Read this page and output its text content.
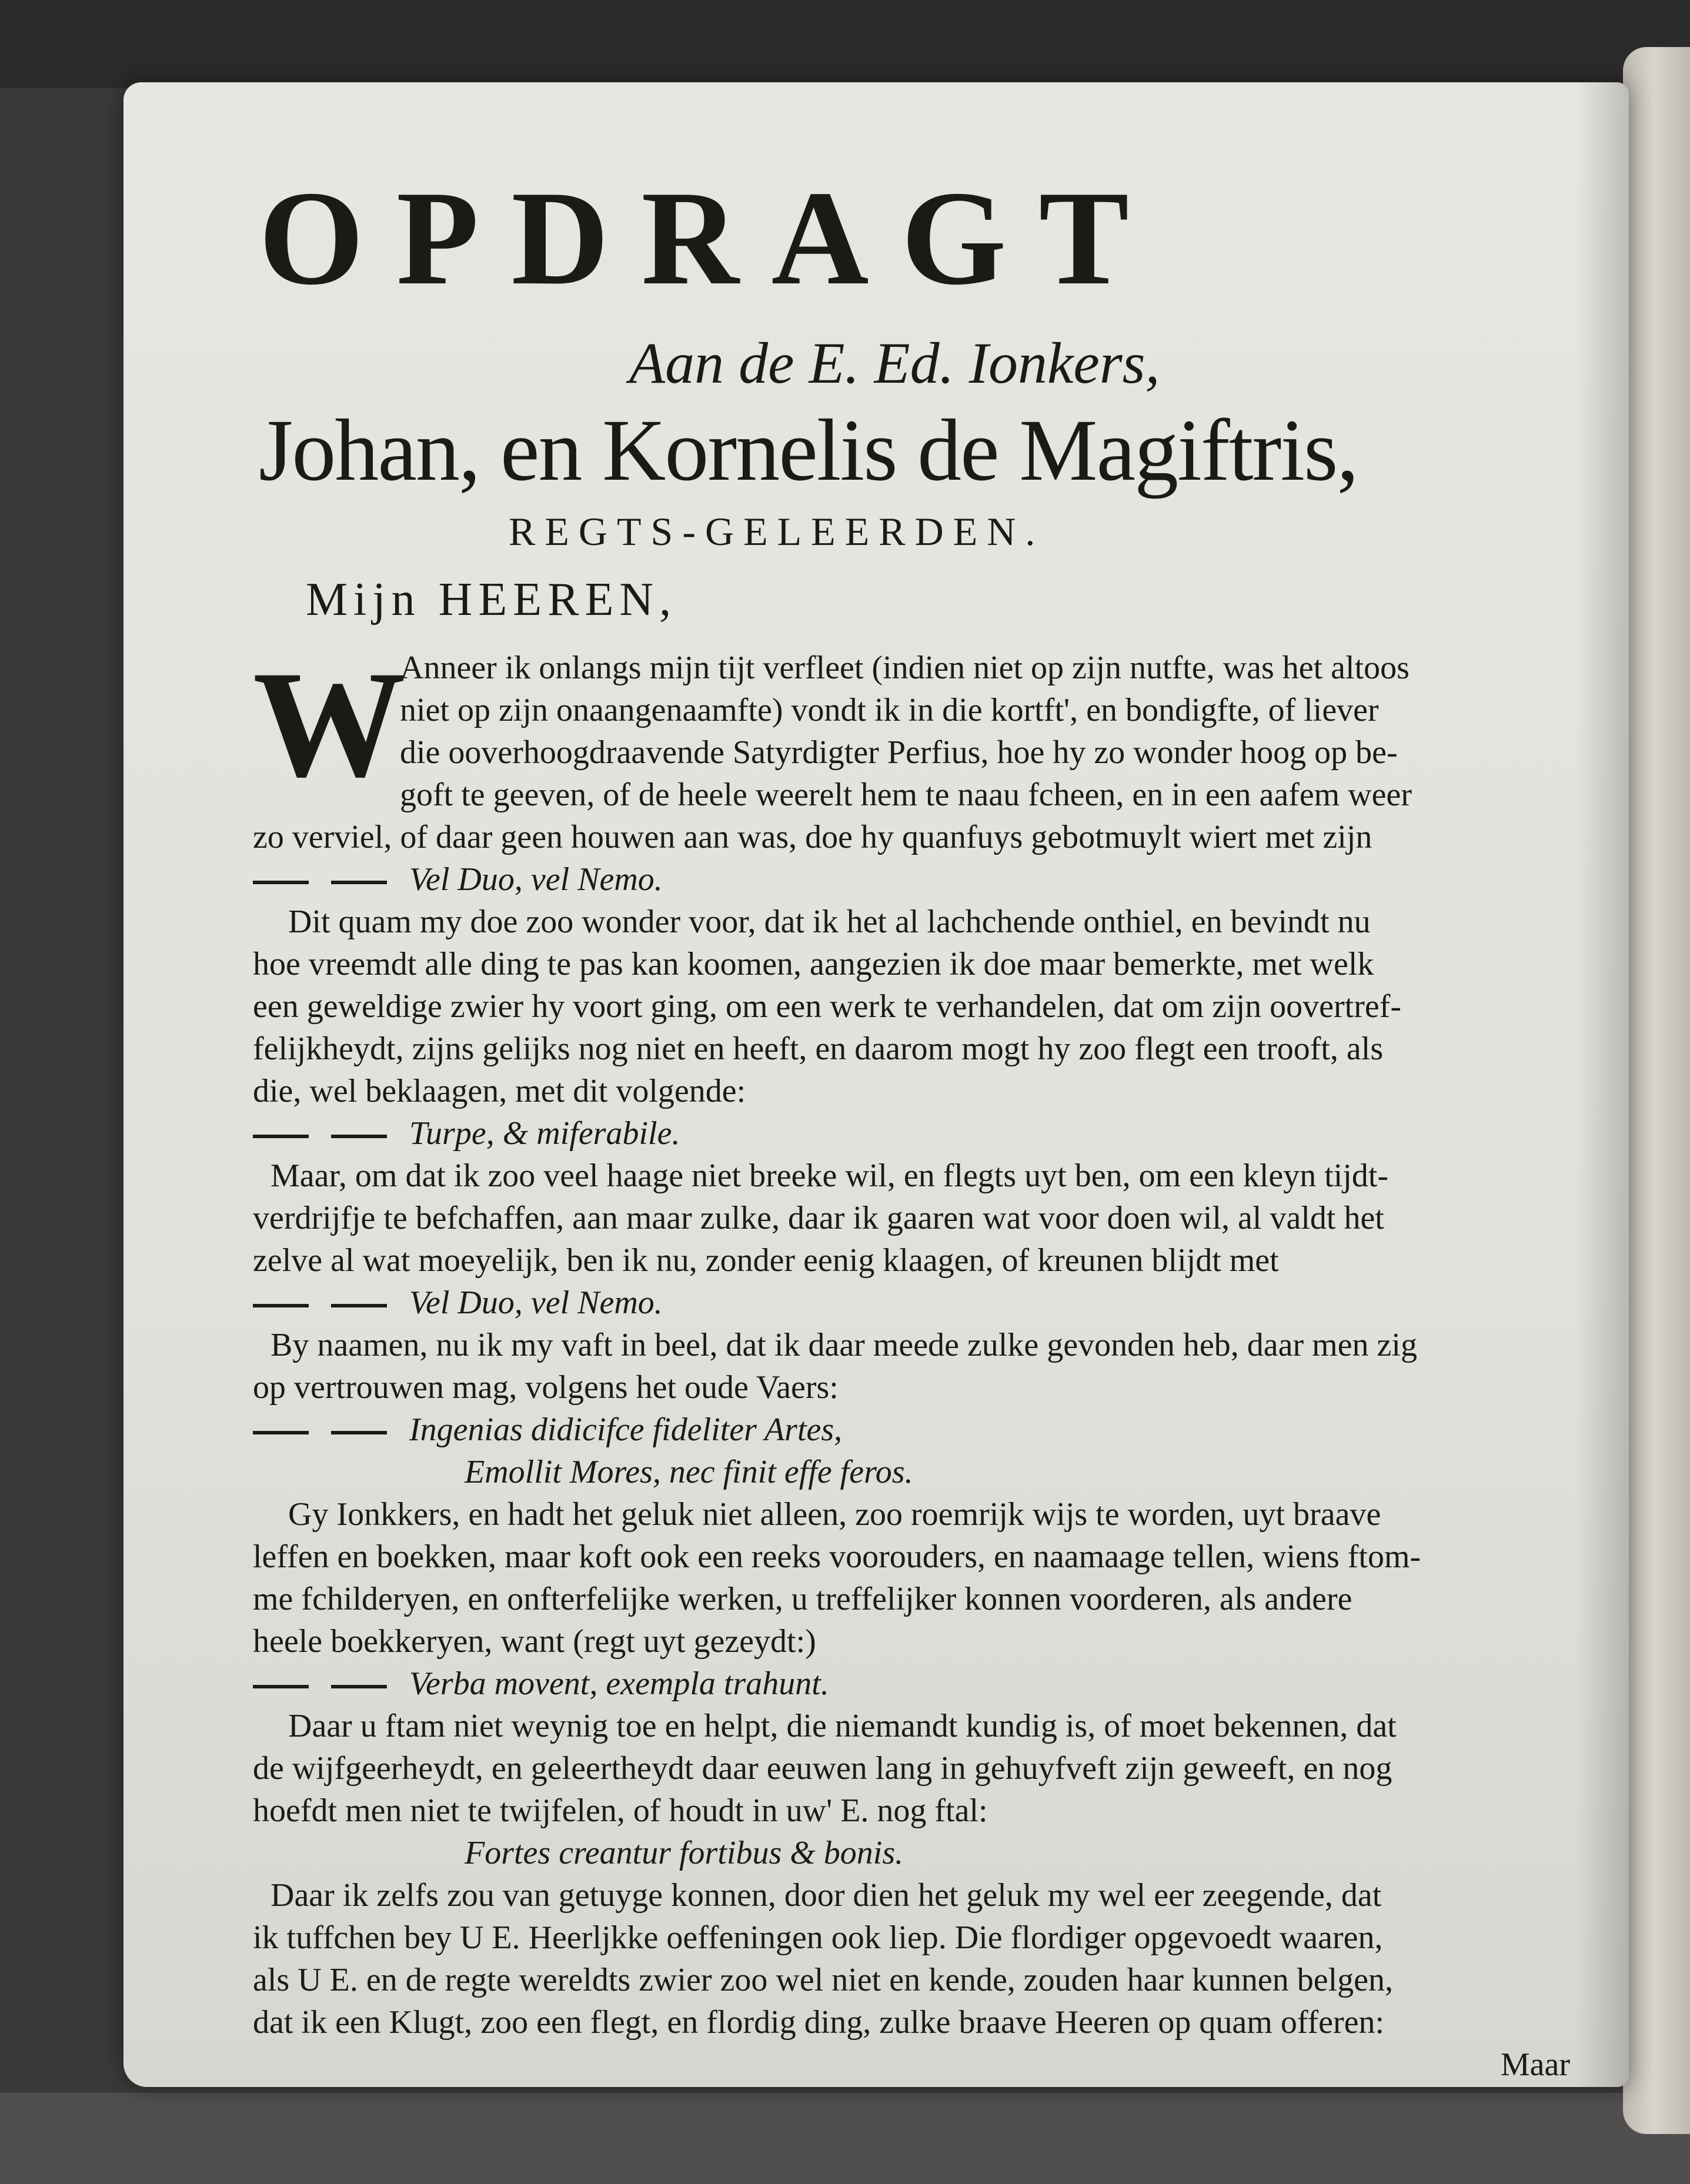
OPDRAGT
Aan de E. Ed. Ionkers,
Johan, en Kornelis de Magiftris,
REGTS-GELEERDEN.
Mijn HEEREN,
W
Anneer ik onlangs mijn tijt verfleet (indien niet op zijn nutfte, was het altoos
niet op zijn onaangenaamfte) vondt ik in die kortft', en bondigfte, of liever
die ooverhoogdraavende Satyrdigter Perfius, hoe hy zo wonder hoog op be-
goft te geeven, of de heele weerelt hem te naau fcheen, en in een aafem weer
zo verviel, of daar geen houwen aan was, doe hy quanfuys gebotmuylt wiert met zijn
Vel Duo, vel Nemo.
Dit quam my doe zoo wonder voor, dat ik het al lachchende onthiel, en bevindt nu
hoe vreemdt alle ding te pas kan koomen, aangezien ik doe maar bemerkte, met welk
een geweldige zwier hy voort ging, om een werk te verhandelen, dat om zijn oovertref-
felijkheydt, zijns gelijks nog niet en heeft, en daarom mogt hy zoo flegt een trooft, als
die, wel beklaagen, met dit volgende:
Turpe, & miferabile.
Maar, om dat ik zoo veel haage niet breeke wil, en flegts uyt ben, om een kleyn tijdt-
verdrijfje te befchaffen, aan maar zulke, daar ik gaaren wat voor doen wil, al valdt het
zelve al wat moeyelijk, ben ik nu, zonder eenig klaagen, of kreunen blijdt met
Vel Duo, vel Nemo.
By naamen, nu ik my vaft in beel, dat ik daar meede zulke gevonden heb, daar men zig
op vertrouwen mag, volgens het oude Vaers:
Ingenias didicifce fideliter Artes,
Emollit Mores, nec finit effe feros.
Gy Ionkkers, en hadt het geluk niet alleen, zoo roemrijk wijs te worden, uyt braave
leffen en boekken, maar koft ook een reeks voorouders, en naamaage tellen, wiens ftom-
me fchilderyen, en onfterfelijke werken, u treffelijker konnen voorderen, als andere
heele boekkeryen, want (regt uyt gezeydt:)
Verba movent, exempla trahunt.
Daar u ftam niet weynig toe en helpt, die niemandt kundig is, of moet bekennen, dat
de wijfgeerheydt, en geleertheydt daar eeuwen lang in gehuyfveft zijn geweeft, en nog
hoefdt men niet te twijfelen, of houdt in uw' E. nog ftal:
Fortes creantur fortibus & bonis.
Daar ik zelfs zou van getuyge konnen, door dien het geluk my wel eer zeegende, dat
ik tuffchen bey U E. Heerljkke oeffeningen ook liep. Die flordiger opgevoedt waaren,
als U E. en de regte wereldts zwier zoo wel niet en kende, zouden haar kunnen belgen,
dat ik een Klugt, zoo een flegt, en flordig ding, zulke braave Heeren op quam offeren:
Maar
